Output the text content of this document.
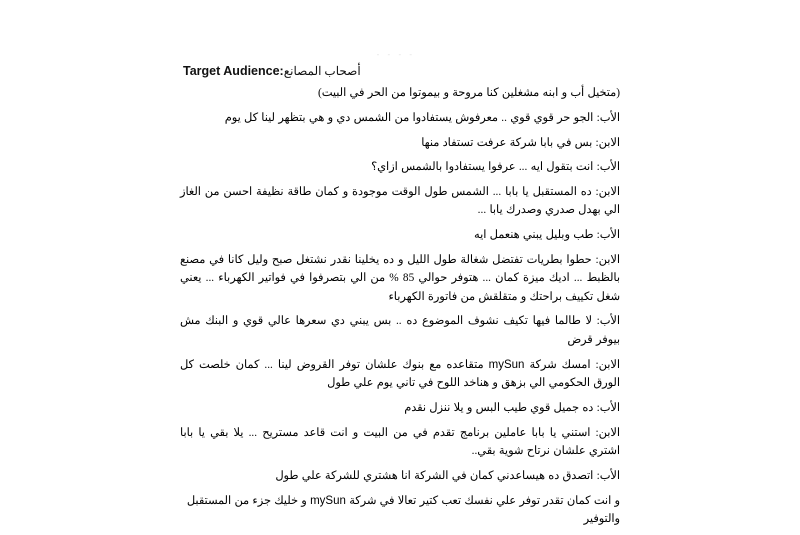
- - - -
Target Audience:أصحاب المصانع

(متخيل أب و ابنه مشغلين كنا مروحة و بيموتوا من الحر في البيت)

الأب: الجو حر قوي قوي .. معرفوش يستفادوا من الشمس دي و هي بتظهر لينا كل يوم

الابن: بس في بابا شركة عرفت تستفاد منها

الأب: انت بتقول ايه ... عرفوا يستفادوا بالشمس ازاي؟

الابن: ده المستقبل يا بابا ... الشمس طول الوقت موجودة و كمان طاقة نظيفة احسن من الغاز الي بهدل صدري وصدرك يابا ...

الأب: طب وبليل يبني هنعمل ايه

الابن: حطوا بطريات تفتضل شغالة طول الليل و ده يخلينا نقدر نشتغل صبح وليل كانا في مصنع بالظبط ... اديك ميزة كمان ... هتوفر حوالي 85 % من الي بتصرفوا في فواتير الكهرباء ... يعني شغل تكييف براحتك و متقلقش من فاتورة الكهرباء

الأب: لا طالما فيها تكيف نشوف الموضوع ده .. بس يبني دي سعرها عالي قوي و البنك مش بيوفر قرض

الابن: امسك شركة mySun متقاعده مع بنوك علشان توفر القروض لينا ... كمان خلصت كل الورق الحكومي الي بزهق و هناخد اللوح في تاني يوم علي طول

الأب: ده جميل قوي طيب البس و يلا ننزل نقدم

الابن: استني يا بابا عاملين برنامج تقدم في من البيت و انت قاعد مستريح ... يلا بقي يا بابا اشتري علشان نرتاح شوية بقي..

الأب: اتصدق ده هيساعدني كمان في الشركة انا هشتري للشركة علي طول

و انت كمان تقدر توفر علي نفسك تعب كتير تعالا في شركة mySun و خليك جزء من المستقبل والتوفير
